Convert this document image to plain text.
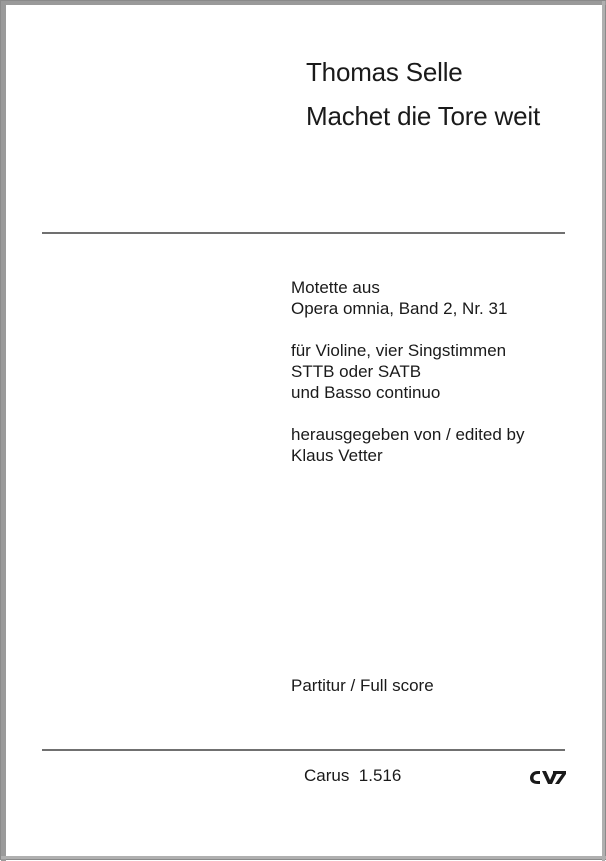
Thomas Selle
Machet die Tore weit
Motette aus
Opera omnia, Band 2, Nr. 31
für Violine, vier Singstimmen
STTB oder SATB
und Basso continuo
herausgegeben von / edited by
Klaus Vetter
Partitur / Full score
Carus  1.516
